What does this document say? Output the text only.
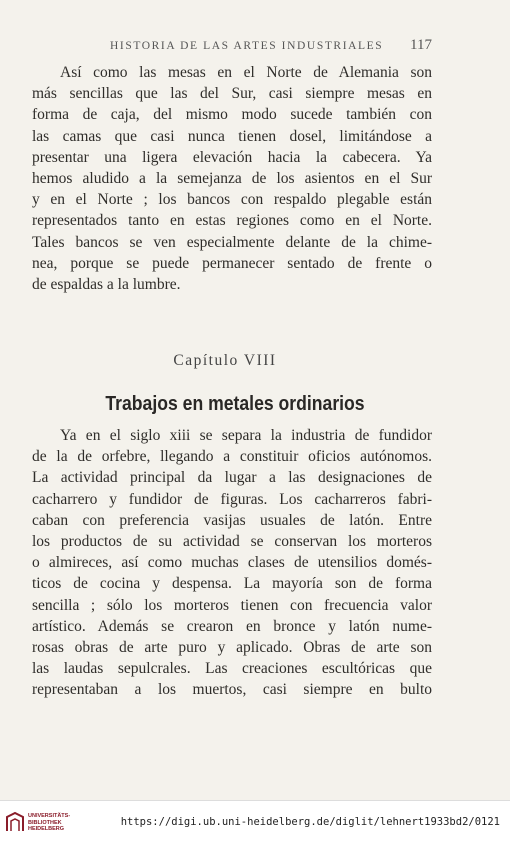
HISTORIA DE LAS ARTES INDUSTRIALES	117
Así como las mesas en el Norte de Alemania son
más sencillas que las del Sur, casi siempre mesas en
forma de caja, del mismo modo sucede también con
las camas que casi nunca tienen dosel, limitándose a
presentar una ligera elevación hacia la cabecera. Ya
hemos aludido a la semejanza de los asientos en el Sur
y en el Norte ; los bancos con respaldo plegable están
representados tanto en estas regiones como en el Norte.
Tales bancos se ven especialmente delante de la chime-
nea, porque se puede permanecer sentado de frente o
de espaldas a la lumbre.
Capítulo VIII
Trabajos en metales ordinarios
Ya en el siglo xiii se separa la industria de fundidor
de la de orfebre, llegando a constituir oficios autónomos.
La actividad principal da lugar a las designaciones de
cacharrero y fundidor de figuras. Los cacharreros fabri-
caban con preferencia vasijas usuales de latón. Entre
los productos de su actividad se conservan los morteros
o almireces, así como muchas clases de utensilios domés-
ticos de cocina y despensa. La mayoría son de forma
sencilla ; sólo los morteros tienen con frecuencia valor
artístico. Además se crearon en bronce y latón nume-
rosas obras de arte puro y aplicado. Obras de arte son
las laudas sepulcrales. Las creaciones escultóricas que
representaban a los muertos, casi siempre en bulto
UNIVERSITÄTS-
BIBLIOTHEK
HEIDELBERG
https://digi.ub.uni-heidelberg.de/diglit/lehnert1933bd2/0121
